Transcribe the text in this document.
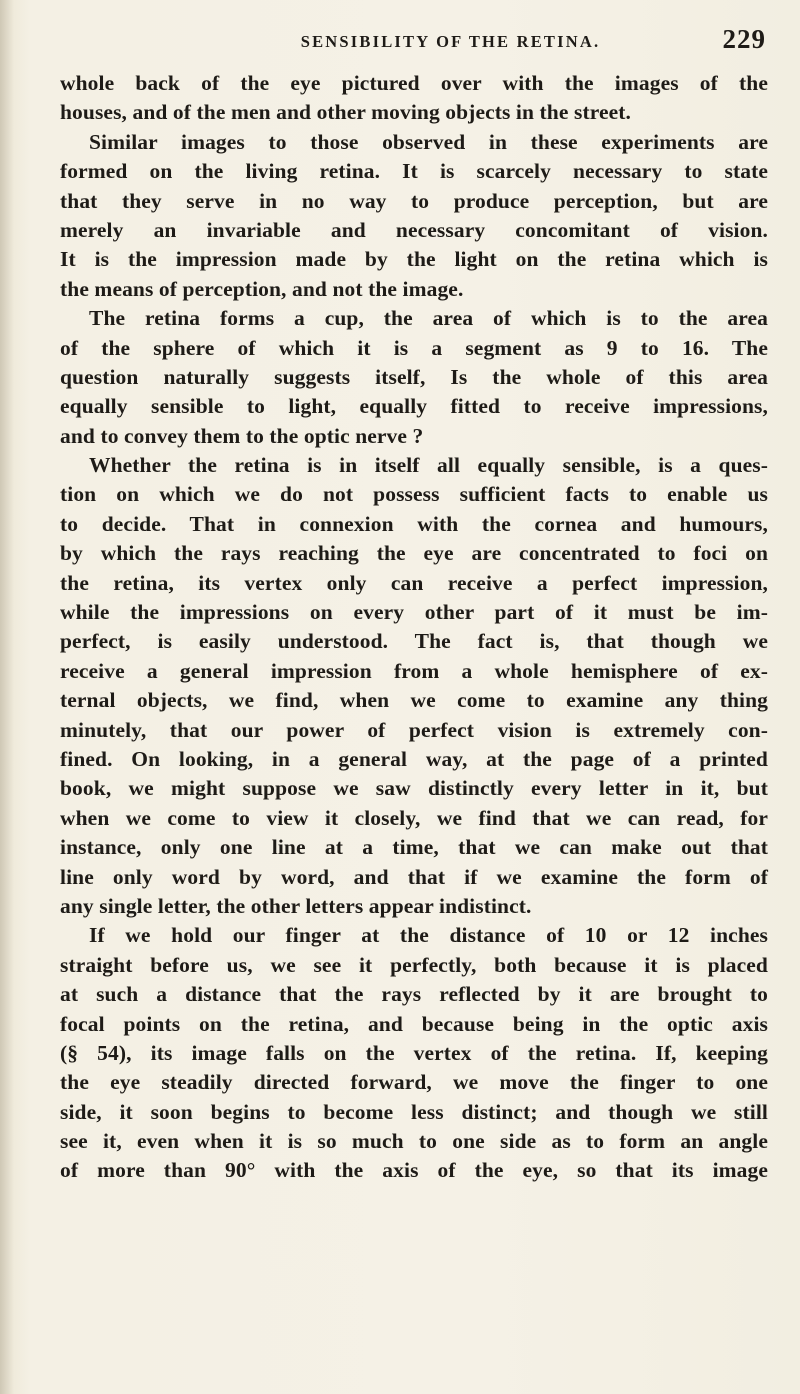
SENSIBILITY OF THE RETINA.	229
whole back of the eye pictured over with the images of the
houses, and of the men and other moving objects in the street.
Similar images to those observed in these experiments are
formed on the living retina. It is scarcely necessary to state
that they serve in no way to produce perception, but are
merely an invariable and necessary concomitant of vision.
It is the impression made by the light on the retina which is
the means of perception, and not the image.
The retina forms a cup, the area of which is to the area
of the sphere of which it is a segment as 9 to 16. The
question naturally suggests itself, Is the whole of this area
equally sensible to light, equally fitted to receive impressions,
and to convey them to the optic nerve ?
Whether the retina is in itself all equally sensible, is a ques-
tion on which we do not possess sufficient facts to enable us
to decide. That in connexion with the cornea and humours,
by which the rays reaching the eye are concentrated to foci on
the retina, its vertex only can receive a perfect impression,
while the impressions on every other part of it must be im-
perfect, is easily understood. The fact is, that though we
receive a general impression from a whole hemisphere of ex-
ternal objects, we find, when we come to examine any thing
minutely, that our power of perfect vision is extremely con-
fined. On looking, in a general way, at the page of a printed
book, we might suppose we saw distinctly every letter in it, but
when we come to view it closely, we find that we can read, for
instance, only one line at a time, that we can make out that
line only word by word, and that if we examine the form of
any single letter, the other letters appear indistinct.
If we hold our finger at the distance of 10 or 12 inches
straight before us, we see it perfectly, both because it is placed
at such a distance that the rays reflected by it are brought to
focal points on the retina, and because being in the optic axis
(§ 54), its image falls on the vertex of the retina. If, keeping
the eye steadily directed forward, we move the finger to one
side, it soon begins to become less distinct; and though we still
see it, even when it is so much to one side as to form an angle
of more than 90° with the axis of the eye, so that its image
